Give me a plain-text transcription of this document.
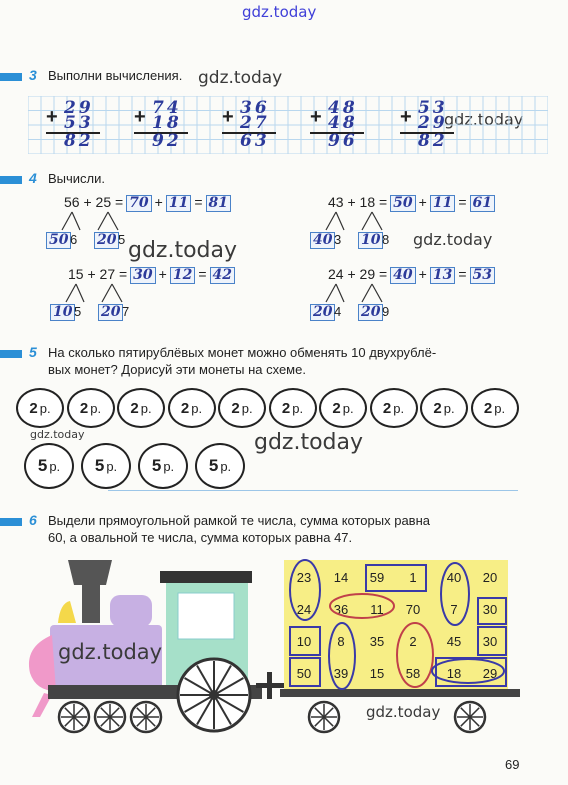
gdz.today
gdz.today
gdz.today
gdz.today	gdz.today
gdz.today	gdz.today
gdz.today
gdz.today
3 Выполни вычисления.
+ 29
53
82
+ 74
18
92
+ 36
27
63
+ 48
48
96
+ 53
29
82
4 Вычисли.
56 + 25 = 70 + 11 = 81
50 6 20 5
43 + 18 = 50 + 11 = 61
40 3 10 8
15 + 27 = 30 + 12 = 42
10 5 20 7
24 + 29 = 40 + 13 = 53
20 4 20 9
5 На сколько пятирублёвых монет можно обменять 10 двухрублё-
вых монет? Дорисуй эти монеты на схеме.
2 р. 2 р. 2 р. 2 р. 2 р. 2 р. 2 р. 2 р. 2 р. 2 р.
5 р. 5 р. 5 р. 5 р.
6 Выдели прямоугольной рамкой те числа, сумма которых равна
60, а овальной те числа, сумма которых равна 47.
23	14	59	1	40	20
24	36	11	70	7	30
10	8	35	2	45	30
50	39	15	58	18	29
69
